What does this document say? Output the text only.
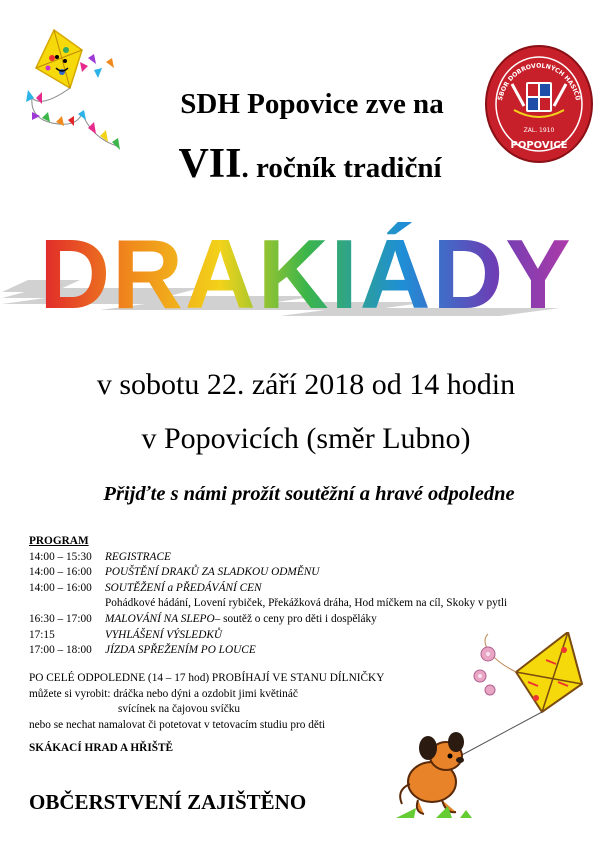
SBOR DOBROVOLNÝCH HASIČŮ
ZAL. 1910
POPOVICE
SDH Popovice zve na
VII. ročník tradiční
DRAKIÁDY
v sobotu 22. září 2018 od 14 hodin
v Popovicích (směr Lubno)
Přijďte s námi prožít soutěžní a hravé odpoledne
PROGRAM
14:00 – 15:30	REGISTRACE
14:00 – 16:00	POUŠTĚNÍ DRAKŮ ZA SLADKOU ODMĚNU
14:00 – 16:00	SOUTĚŽENÍ a PŘEDÁVÁNÍ CEN
Pohádkové hádání, Lovení rybiček, Překážková dráha, Hod míčkem na cíl, Skoky v pytli
16:30 – 17:00	MALOVÁNÍ NA SLEPO – soutěž o ceny pro děti i dospěláky
17:15	VYHLÁŠENÍ VÝSLEDKŮ
17:00 – 18:00	JÍZDA SPŘEŽENÍM PO LOUCE
PO CELÉ ODPOLEDNE (14 – 17 hod) PROBÍHAJÍ VE STANU DÍLNIČKY
můžete si vyrobit: dráčka nebo dýni a ozdobit jimi květináč
svícínek na čajovou svíčku
nebo se nechat namalovat či potetovat v tetovacím studiu pro děti
SKÁKACÍ HRAD A HŘIŠTĚ
OBČERSTVENÍ ZAJIŠTĚNO
